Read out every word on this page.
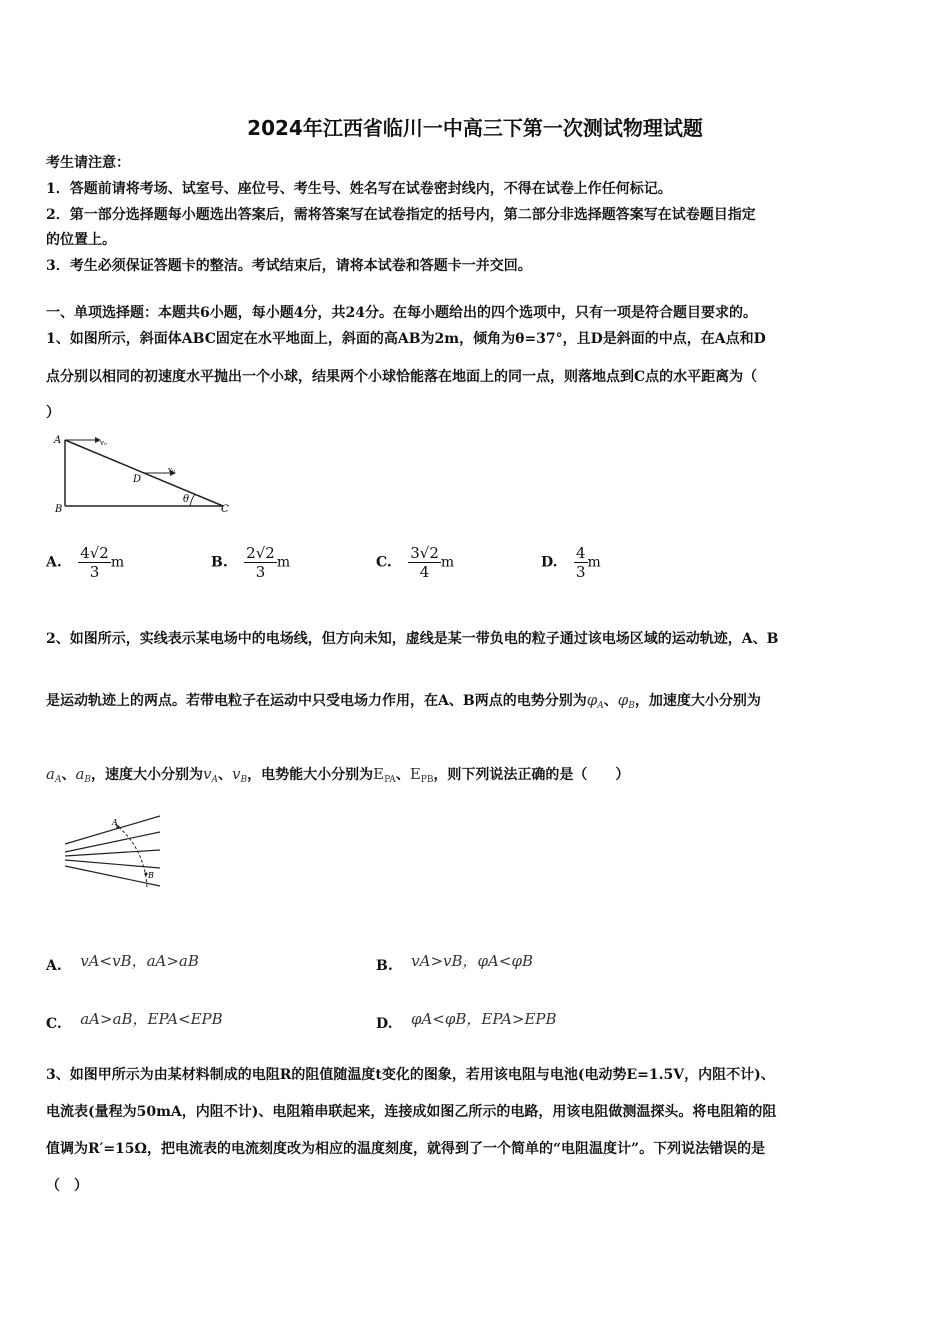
2024年江西省临川一中高三下第一次测试物理试题
考生请注意：
1．答题前请将考场、试室号、座位号、考生号、姓名写在试卷密封线内，不得在试卷上作任何标记。
2．第一部分选择题每小题选出答案后，需将答案写在试卷指定的括号内，第二部分非选择题答案写在试卷题目指定
的位置上。
3．考生必须保证答题卡的整洁。考试结束后，请将本试卷和答题卡一并交回。
一、单项选择题：本题共6小题，每小题4分，共24分。在每小题给出的四个选项中，只有一项是符合题目要求的。
1、如图所示，斜面体ABC固定在水平地面上，斜面的高AB为2m，倾角为θ=37°，且D是斜面的中点，在A点和D
点分别以相同的初速度水平抛出一个小球，结果两个小球恰能落在地面上的同一点，则落地点到C点的水平距离为（
）
A
B	C
D
θ
v₀
v₀
A. $\frac{4√2}{3}$ m	B. $\frac{2√2}{3}$ m	C. $\frac{3√2}{4}$ m	D. $\frac{4}{3}$ m
2、如图所示，实线表示某电场中的电场线，但方向未知，虚线是某一带负电的粒子通过该电场区域的运动轨迹，A、B
是运动轨迹上的两点。若带电粒子在运动中只受电场力作用，在A、B两点的电势分别为$\varphi_A$、$\varphi_B$，加速度大小分别为
$a_A$、$a_B$，速度大小分别为$v_A$、$v_B$，电势能大小分别为$E_{PA}$、$E_{PB}$，则下列说法正确的是（　　）
A
B
A. vA<vB，aA>aB	B. vA>vB，φA<φB
C. aA>aB，EPA<EPB	D. φA<φB，EPA>EPB
3、如图甲所示为由某材料制成的电阻R的阻值随温度t变化的图象，若用该电阻与电池(电动势E=1.5V，内阻不计)、
电流表(量程为50mA，内阻不计)、电阻箱串联起来，连接成如图乙所示的电路，用该电阻做测温探头。将电阻箱的阻
值调为R′=15Ω，把电流表的电流刻度改为相应的温度刻度，就得到了一个简单的“电阻温度计”。下列说法错误的是
（　）
